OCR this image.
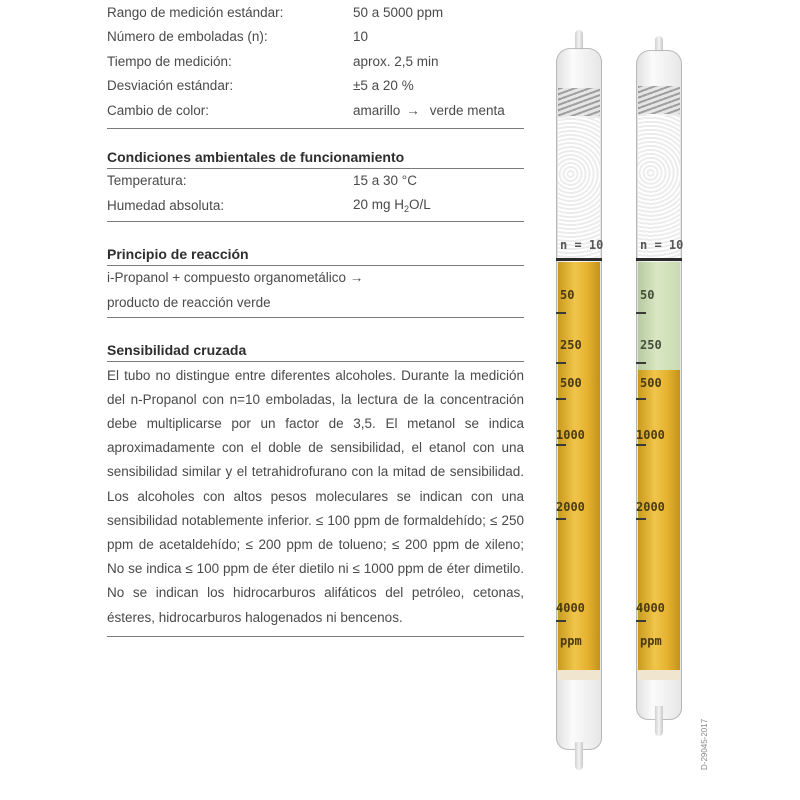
Rango de medición estándar:	50 a 5000 ppm
Número de emboladas (n):	10
Tiempo de medición:	aprox. 2,5 min
Desviación estándar:	±5 a 20 %
Cambio de color:	amarillo → verde menta
Condiciones ambientales de funcionamiento
Temperatura:	15 a 30 °C
Humedad absoluta:	20 mg $H_2O/L$
Principio de reacción
i-Propanol + compuesto organometálico →
producto de reacción verde
Sensibilidad cruzada
El tubo no distingue entre diferentes alcoholes. Durante la medición del n-Propanol con n=10 emboladas, la lectura de la concentración debe multiplicarse por un factor de 3,5. El metanol se indica aproximadamente con el doble de sensibilidad, el etanol con una sensibilidad similar y el tetrahidrofurano con la mitad de sensibilidad. Los alcoholes con altos pesos moleculares se indican con una sensibilidad notablemente inferior. ≤ 100 ppm de formaldehído; ≤ 250 ppm de acetaldehído; ≤ 200 ppm de tolueno; ≤ 200 ppm de xileno; No se indica ≤ 100 ppm de éter dietilo ni ≤ 1000 ppm de éter dimetilo. No se indican los hidrocarburos alifáticos del petróleo, cetonas, ésteres, hidrocarburos halogenados ni bencenos.
n = 10
50
250
500
1000
2000
4000
ppm
n = 10
50
250
500
1000
2000
4000
ppm
D-29045-2017
